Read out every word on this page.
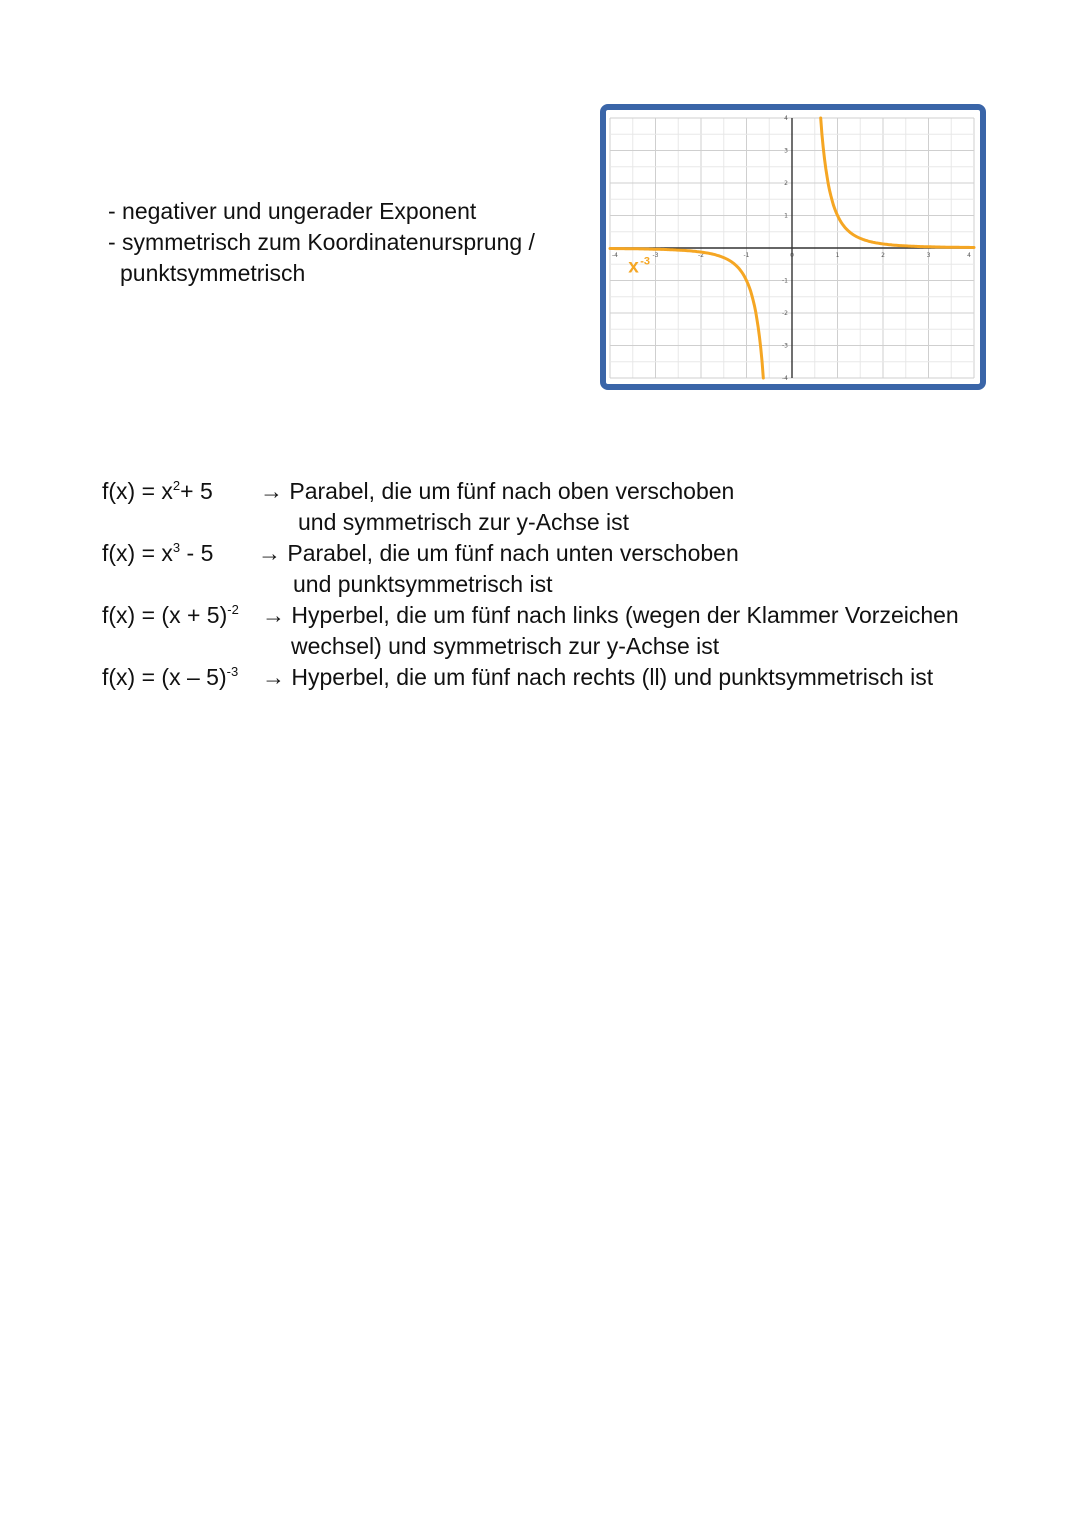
- negativer und ungerader Exponent
- symmetrisch zum Koordinatenursprung /
punktsymmetrisch
-4	-3	-2	-1	0	1	2	3	4
4
3
2
1
-1
-2
-3
-4
x -3
$f(x) = x^2+ 5$ → Parabel, die um fünf nach oben verschoben
und symmetrisch zur y-Achse ist
$f(x) = x^3 - 5$ → Parabel, die um fünf nach unten verschoben
und punktsymmetrisch ist
$f(x) = (x + 5)^{-2}$ → Hyperbel, die um fünf nach links (wegen der Klammer Vorzeichen
wechsel) und symmetrisch zur y-Achse ist
f(x) = (x – 5)$^{-3}$ → Hyperbel, die um fünf nach rechts (ll) und punktsymmetrisch ist
